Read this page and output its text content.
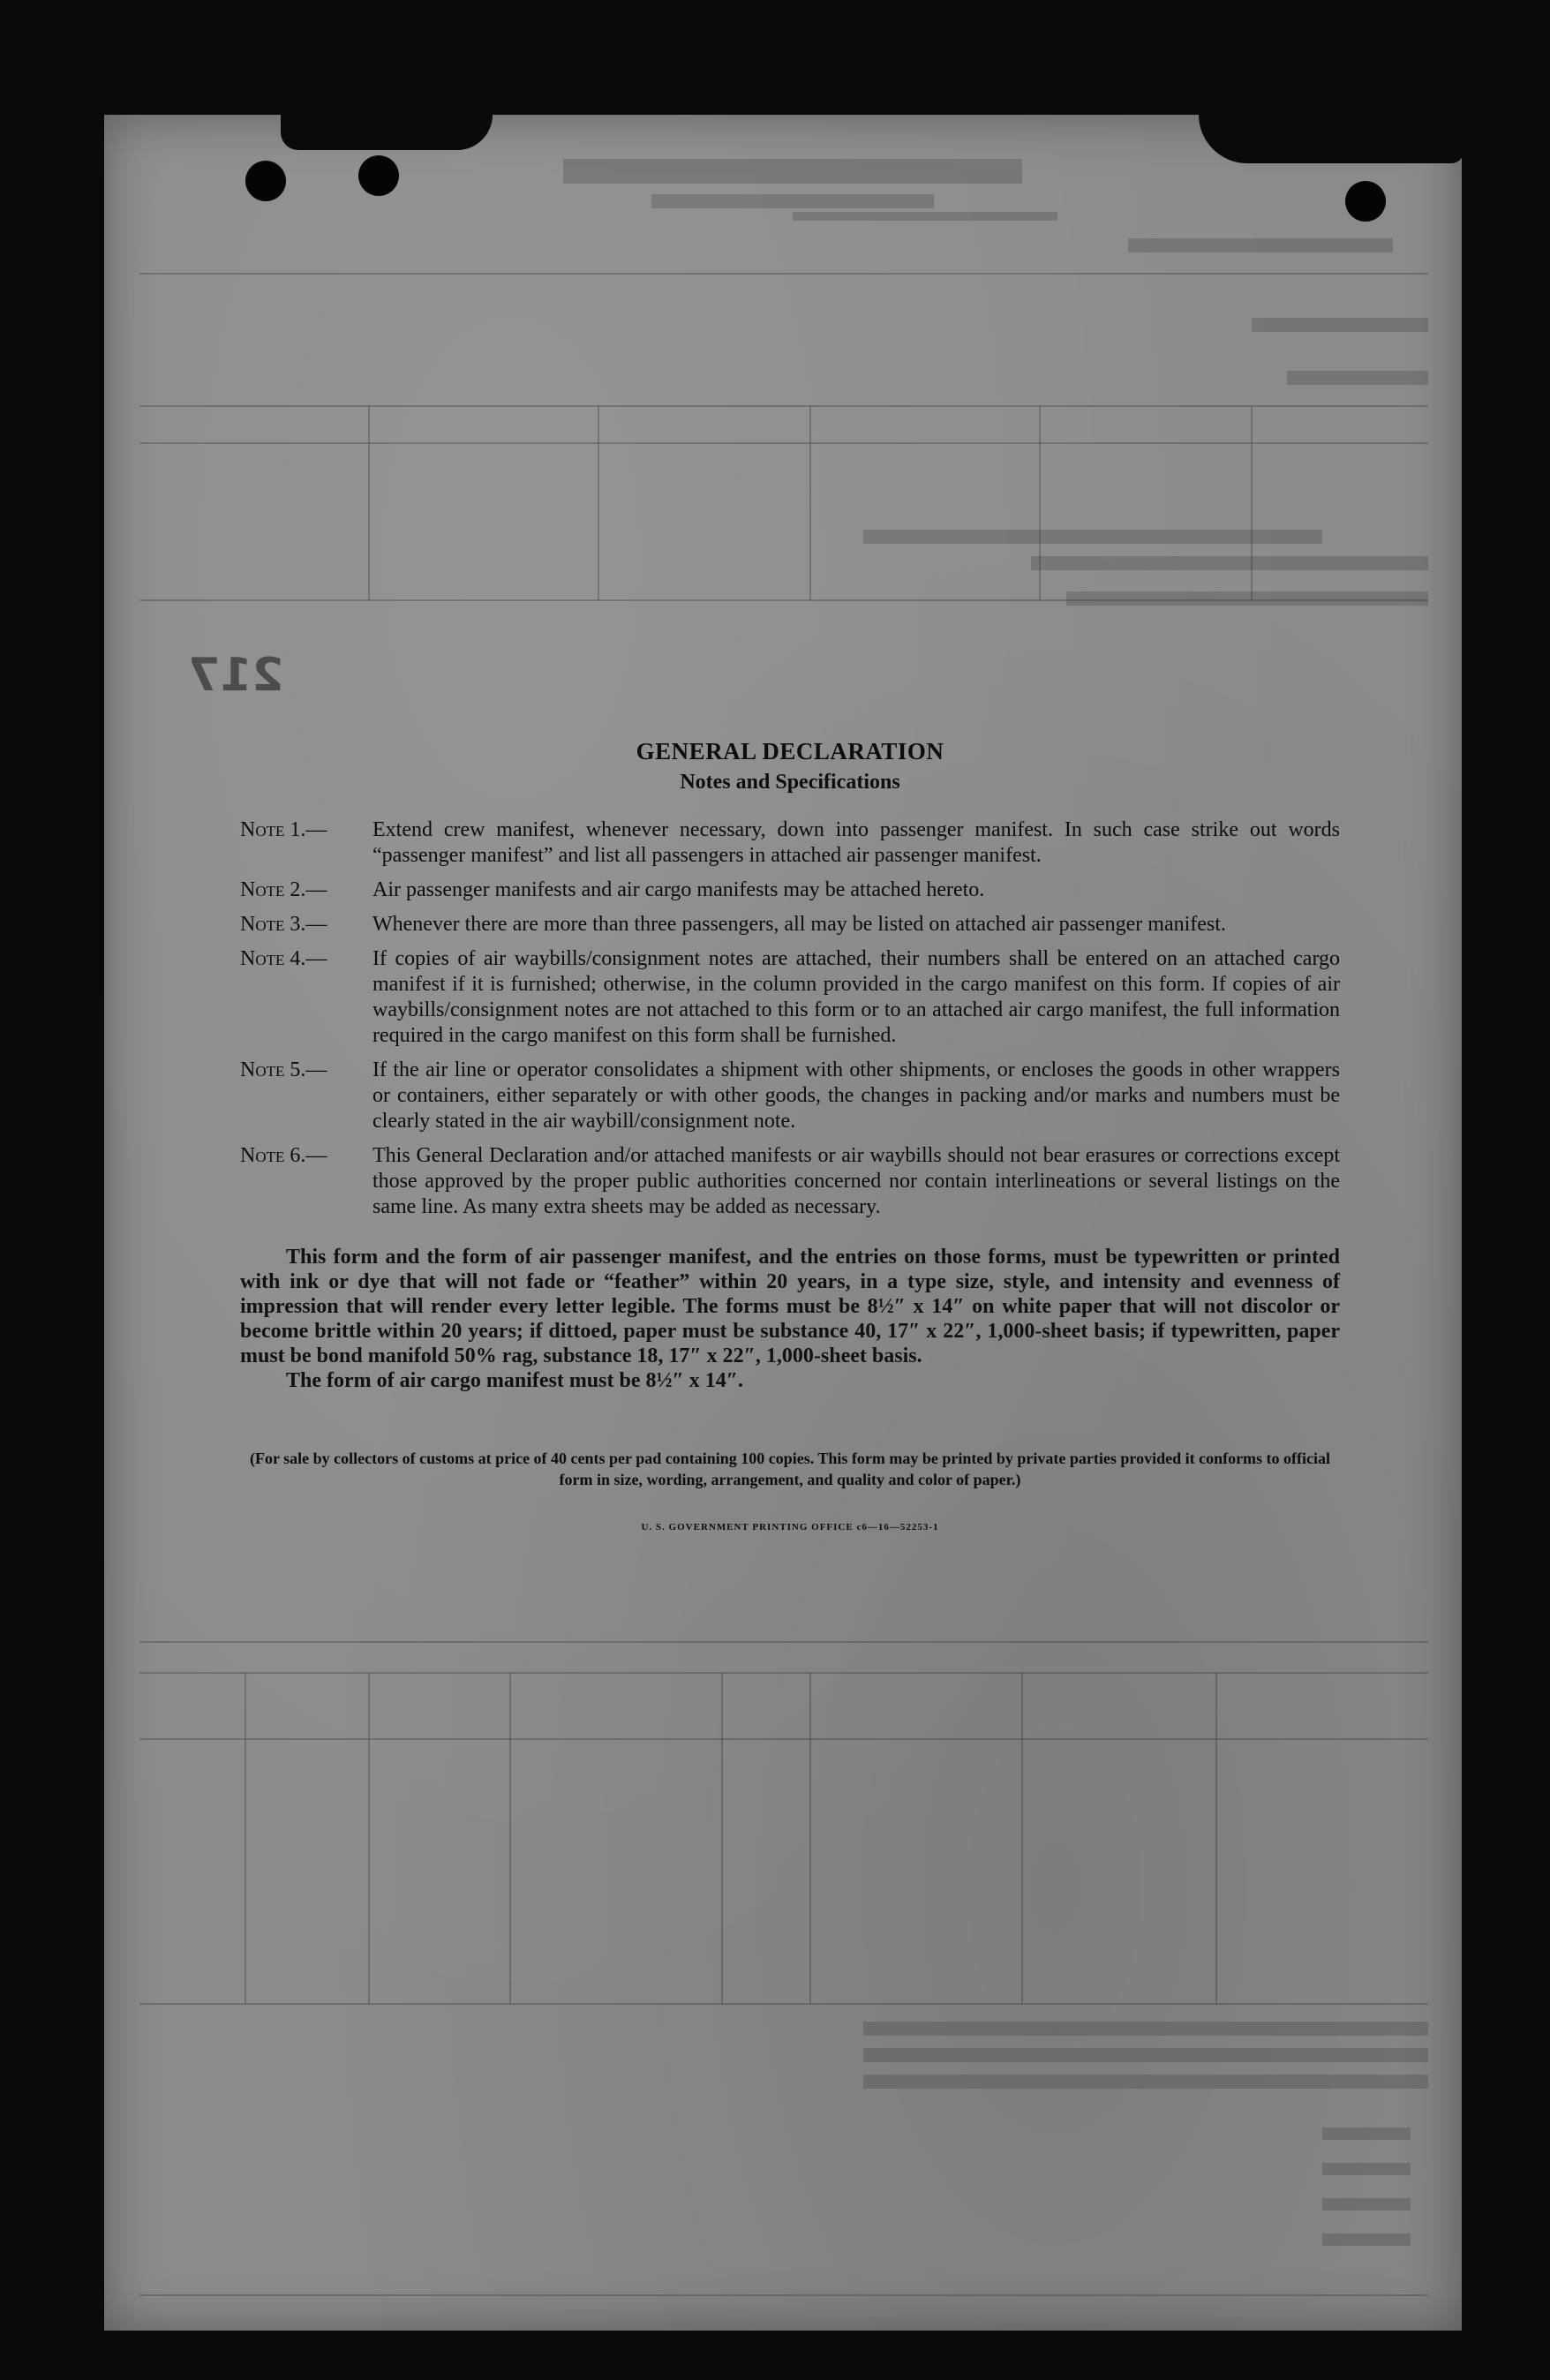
217
GENERAL DECLARATION
Notes and Specifications
Note 1.—	Extend crew manifest, whenever necessary, down into passenger manifest. In such case strike out words “passenger manifest” and list all passengers in attached air passenger manifest.
Note 2.—	Air passenger manifests and air cargo manifests may be attached hereto.
Note 3.—	Whenever there are more than three passengers, all may be listed on attached air passenger manifest.
Note 4.—	If copies of air waybills/consignment notes are attached, their numbers shall be entered on an attached cargo manifest if it is furnished; otherwise, in the column provided in the cargo manifest on this form. If copies of air waybills/consignment notes are not attached to this form or to an attached air cargo manifest, the full information required in the cargo manifest on this form shall be furnished.
Note 5.—	If the air line or operator consolidates a shipment with other shipments, or encloses the goods in other wrappers or containers, either separately or with other goods, the changes in packing and/or marks and numbers must be clearly stated in the air waybill/consignment note.
Note 6.—	This General Declaration and/or attached manifests or air waybills should not bear erasures or corrections except those approved by the proper public authorities concerned nor contain interlineations or several listings on the same line. As many extra sheets may be added as necessary.

This form and the form of air passenger manifest, and the entries on those forms, must be typewritten or printed with ink or dye that will not fade or “feather” within 20 years, in a type size, style, and intensity and evenness of impression that will render every letter legible. The forms must be 8½″ x 14″ on white paper that will not discolor or become brittle within 20 years; if dittoed, paper must be substance 40, 17″ x 22″, 1,000-sheet basis; if typewritten, paper must be bond manifold 50% rag, substance 18, 17″ x 22″, 1,000-sheet basis.

The form of air cargo manifest must be 8½″ x 14″.

(For sale by collectors of customs at price of 40 cents per pad containing 100 copies. This form may be printed by private parties provided it conforms to official form in size, wording, arrangement, and quality and color of paper.)
U. S. GOVERNMENT PRINTING OFFICE c6—16—52253-1
